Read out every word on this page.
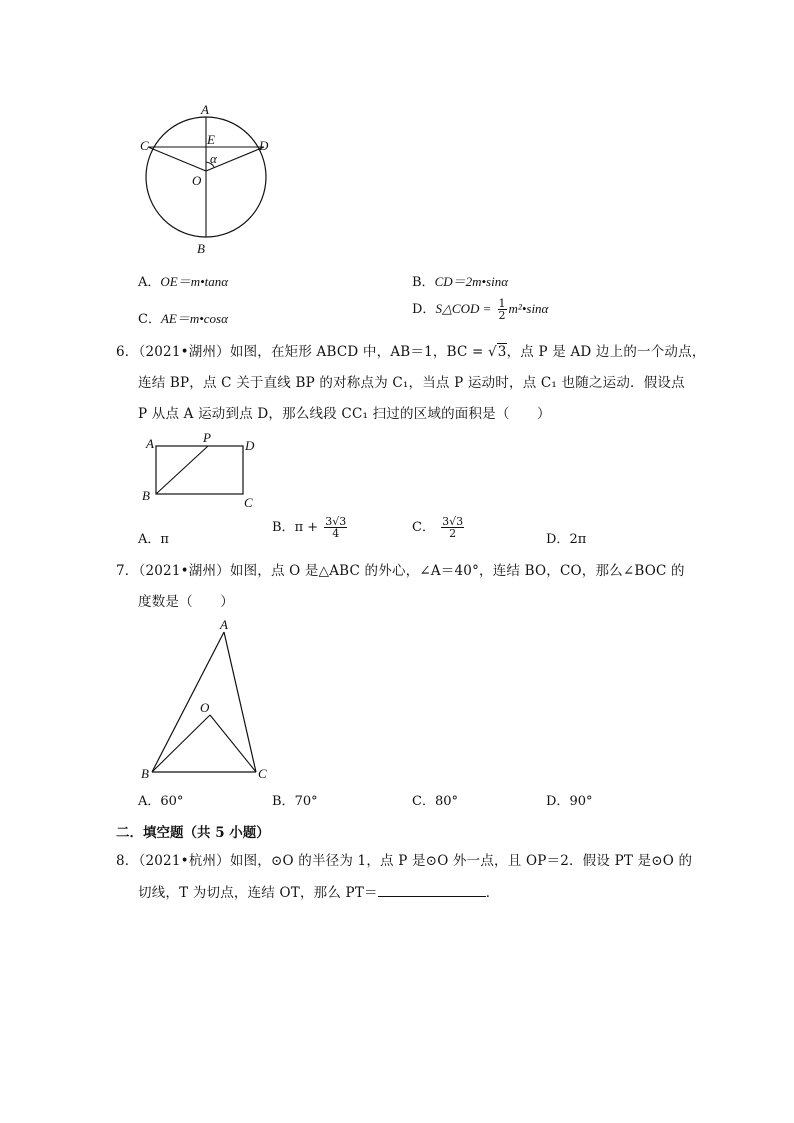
A
C	D
E
O
α
B
A．OE＝m•tanα	B．CD＝2m•sinα
C．AE＝m•cosα
D．S△COD = $\frac{1}{2}$ m²•sinα
6．（2021•湖州）如图，在矩形 ABCD 中，AB＝1，BC = √3，点 P 是 AD 边上的一个动点，
连结 BP，点 C 关于直线 BP 的对称点为 C₁，当点 P 运动时，点 C₁ 也随之运动．假设点
P 从点 A 运动到点 D，那么线段 CC₁ 扫过的区域的面积是（　　）
A	P
D
B	C
A．π
B．$\pi + \frac{3√3}{4}$	C． $\frac{3√3}{2}$
D．2π
7．（2021•湖州）如图，点 O 是△ABC 的外心，∠A＝40°，连结 BO，CO，那么∠BOC 的
度数是（　　）
A
O
B	C
A．60°	B．70°	C．80°	D．90°
二．填空题（共 5 小题）
8．（2021•杭州）如图，⊙O 的半径为 1，点 P 是⊙O 外一点，且 OP＝2．假设 PT 是⊙O 的
切线，T 为切点，连结 OT，那么 PT＝	．
